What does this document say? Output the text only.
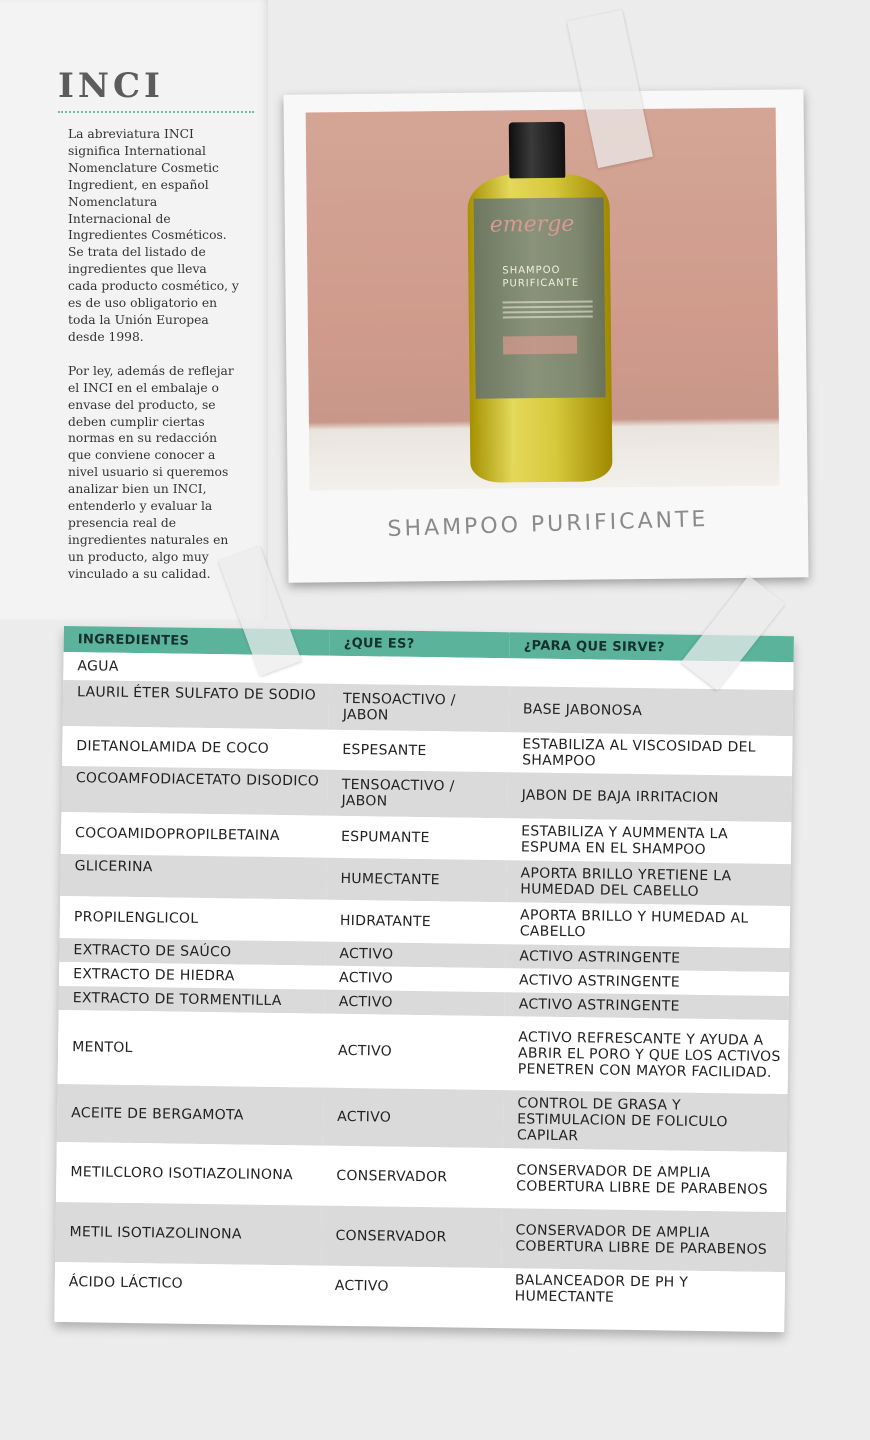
INCI

La abreviatura INCI significa International Nomenclature Cosmetic Ingredient, en español Nomenclatura Internacional de Ingredientes Cosméticos. Se trata del listado de ingredientes que lleva cada producto cosmético, y es de uso obligatorio en toda la Unión Europea desde 1998.

Por ley, además de reflejar el INCI en el embalaje o envase del producto, se deben cumplir ciertas normas en su redacción que conviene conocer a nivel usuario si queremos analizar bien un INCI, entenderlo y evaluar la presencia real de ingredientes naturales en un producto, algo muy vinculado a su calidad.

emerge
SHAMPOO
PURIFICANTE
SHAMPOO PURIFICANTE
INGREDIENTES	¿QUE ES?	¿PARA QUE SIRVE?
AGUA		
LAURIL ÉTER SULFATO DE SODIO	TENSOACTIVO / JABON	BASE JABONOSA
DIETANOLAMIDA DE COCO	ESPESANTE	ESTABILIZA AL VISCOSIDAD DEL SHAMPOO
COCOAMFODIACETATO DISODICO	TENSOACTIVO / JABON	JABON DE BAJA IRRITACION
COCOAMIDOPROPILBETAINA	ESPUMANTE	ESTABILIZA Y AUMMENTA LA ESPUMA EN EL SHAMPOO
GLICERINA	HUMECTANTE	APORTA BRILLO YRETIENE LA HUMEDAD DEL CABELLO
PROPILENGLICOL	HIDRATANTE	APORTA BRILLO Y HUMEDAD AL CABELLO
EXTRACTO DE SAÚCO	ACTIVO	ACTIVO ASTRINGENTE
EXTRACTO DE HIEDRA	ACTIVO	ACTIVO ASTRINGENTE
EXTRACTO DE TORMENTILLA	ACTIVO	ACTIVO ASTRINGENTE
MENTOL	ACTIVO	ACTIVO REFRESCANTE Y AYUDA A ABRIR EL PORO Y QUE LOS ACTIVOS PENETREN CON MAYOR FACILIDAD.
ACEITE DE BERGAMOTA	ACTIVO	CONTROL DE GRASA Y ESTIMULACION DE FOLICULO CAPILAR
METILCLORO ISOTIAZOLINONA	CONSERVADOR	CONSERVADOR DE AMPLIA COBERTURA LIBRE DE PARABENOS
METIL ISOTIAZOLINONA	CONSERVADOR	CONSERVADOR DE AMPLIA COBERTURA LIBRE DE PARABENOS
ÁCIDO LÁCTICO	ACTIVO	BALANCEADOR DE PH Y HUMECTANTE
